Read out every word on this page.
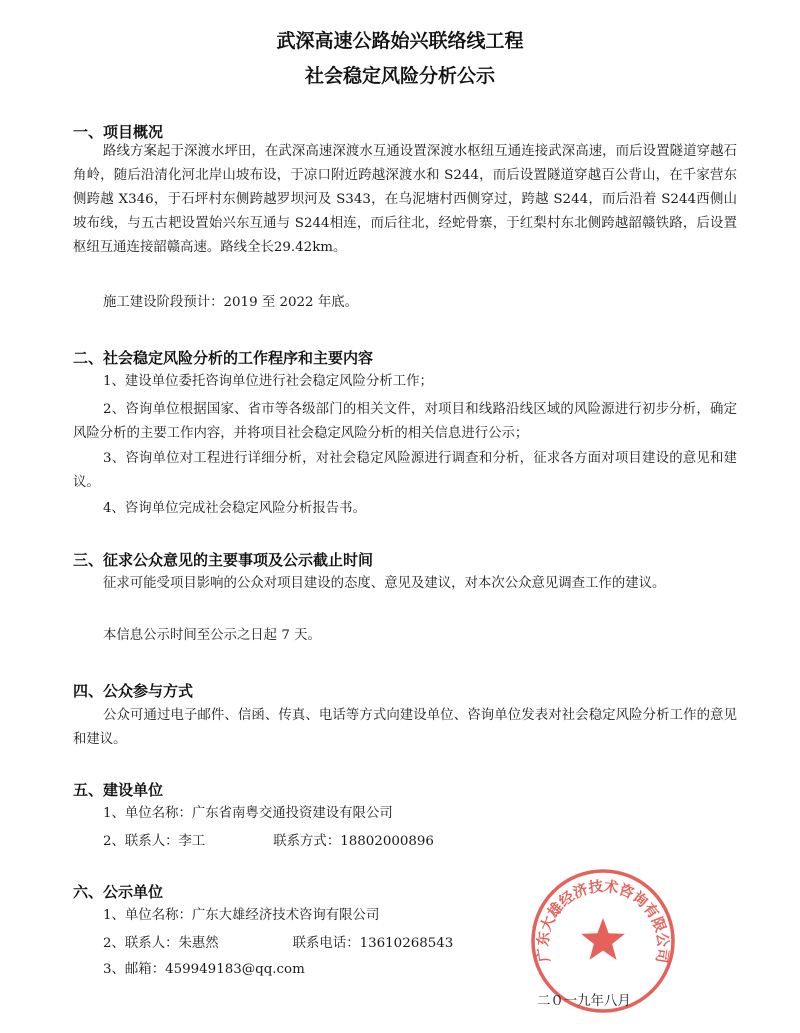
武深高速公路始兴联络线工程
社会稳定风险分析公示
一、项目概况
路线方案起于深渡水坪田，在武深高速深渡水互通设置深渡水枢纽互通连接武深高速，而后设置隧道穿越石角岭，随后沿清化河北岸山坡布设，于凉口附近跨越深渡水和 S244，而后设置隧道穿越百公背山，在千家营东侧跨越 X346，于石坪村东侧跨越罗坝河及 S343，在乌泥塘村西侧穿过，跨越 S244，而后沿着 S244西侧山坡布线，与五古耙设置始兴东互通与 S244相连，而后往北，经蛇骨寨，于红梨村东北侧跨越韶赣铁路，后设置枢纽互通连接韶赣高速。路线全长29.42km。
施工建设阶段预计：2019 至 2022 年底。
二、社会稳定风险分析的工作程序和主要内容
1、建设单位委托咨询单位进行社会稳定风险分析工作；
2、咨询单位根据国家、省市等各级部门的相关文件，对项目和线路沿线区域的风险源进行初步分析，确定风险分析的主要工作内容，并将项目社会稳定风险分析的相关信息进行公示；
3、咨询单位对工程进行详细分析，对社会稳定风险源进行调查和分析，征求各方面对项目建设的意见和建议。
4、咨询单位完成社会稳定风险分析报告书。
三、征求公众意见的主要事项及公示截止时间
征求可能受项目影响的公众对项目建设的态度、意见及建议，对本次公众意见调查工作的建议。
本信息公示时间至公示之日起 7 天。
四、公众参与方式
公众可通过电子邮件、信函、传真、电话等方式向建设单位、咨询单位发表对社会稳定风险分析工作的意见和建议。
五、建设单位
1、单位名称：广东省南粤交通投资建设有限公司
2、联系人：李工	联系方式：18802000896
六、公示单位
1、单位名称：广东大雄经济技术咨询有限公司
2、联系人：朱惠然	联系电话：13610268543
3、邮箱：459949183@qq.com
广东大雄经济技术咨询有限公司
二０一九年八月
